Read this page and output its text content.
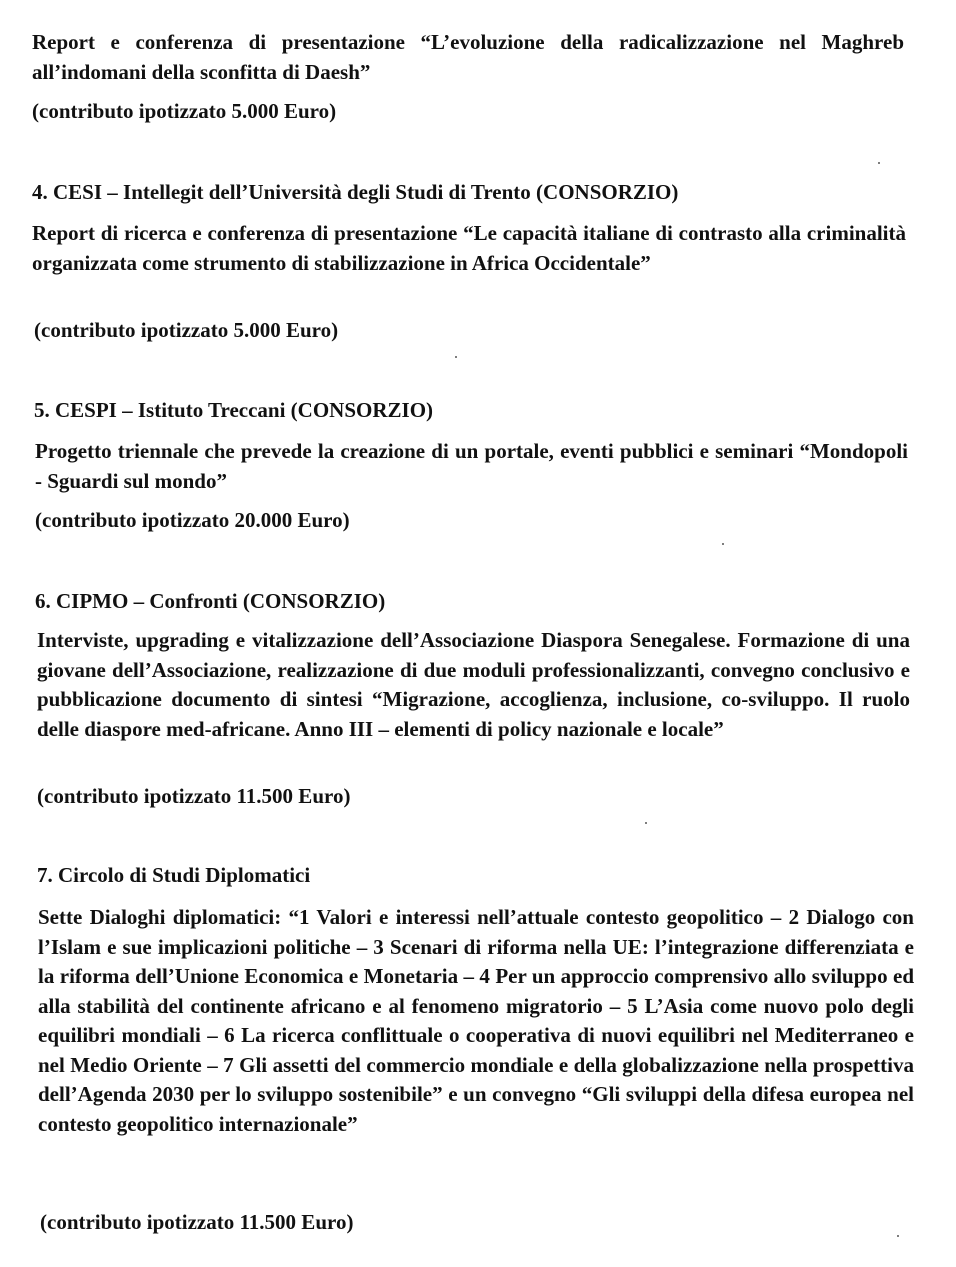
Report e conferenza di presentazione “L’evoluzione della radicalizzazione nel Maghreb all’indomani della sconfitta di Daesh”

(contributo ipotizzato 5.000 Euro)

4. CESI – Intellegit dell’Università degli Studi di Trento (CONSORZIO)

Report di ricerca e conferenza di presentazione “Le capacità italiane di contrasto alla criminalità organizzata come strumento di stabilizzazione in Africa Occidentale”

(contributo ipotizzato 5.000 Euro)

5. CESPI – Istituto Treccani (CONSORZIO)

Progetto triennale che prevede la creazione di un portale, eventi pubblici e seminari “Mondopoli - Sguardi sul mondo”

(contributo ipotizzato 20.000 Euro)

6. CIPMO – Confronti (CONSORZIO)

Interviste, upgrading e vitalizzazione dell’Associazione Diaspora Senegalese. Formazione di una giovane dell’Associazione, realizzazione di due moduli professionalizzanti, convegno conclusivo e pubblicazione documento di sintesi “Migrazione, accoglienza, inclusione, co-sviluppo. Il ruolo delle diaspore med-africane. Anno III – elementi di policy nazionale e locale”

(contributo ipotizzato 11.500 Euro)

7. Circolo di Studi Diplomatici

Sette Dialoghi diplomatici: “1 Valori e interessi nell’attuale contesto geopolitico – 2 Dialogo con l’Islam e sue implicazioni politiche – 3 Scenari di riforma nella UE: l’integrazione differenziata e la riforma dell’Unione Economica e Monetaria – 4 Per un approccio comprensivo allo sviluppo ed alla stabilità del continente africano e al fenomeno migratorio – 5 L’Asia come nuovo polo degli equilibri mondiali – 6 La ricerca conflittuale o cooperativa di nuovi equilibri nel Mediterraneo e nel Medio Oriente – 7 Gli assetti del commercio mondiale e della globalizzazione nella prospettiva dell’Agenda 2030 per lo sviluppo sostenibile” e un convegno “Gli sviluppi della difesa europea nel contesto geopolitico internazionale”

(contributo ipotizzato 11.500 Euro)
